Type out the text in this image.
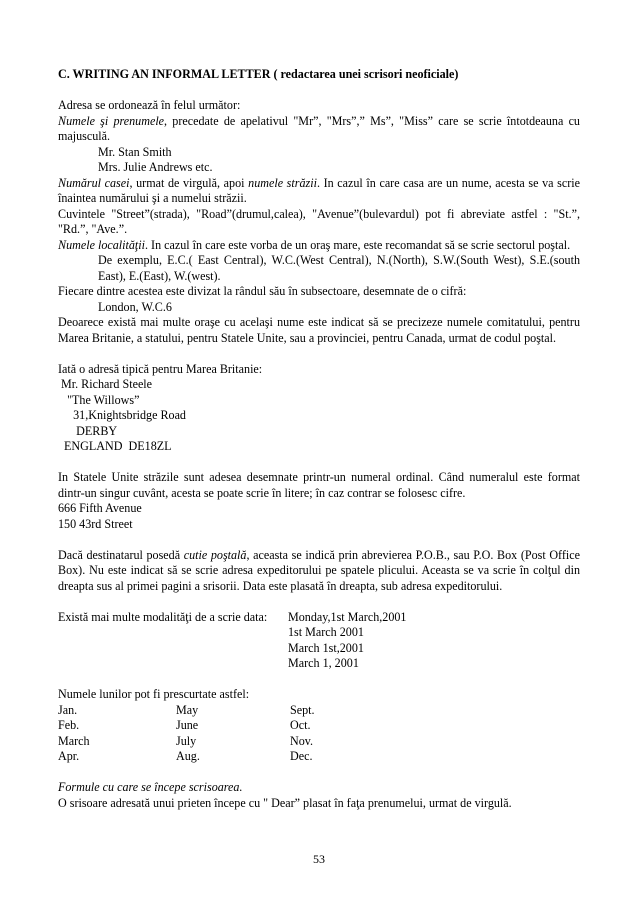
C. WRITING AN INFORMAL LETTER ( redactarea unei scrisori neoficiale)

Adresa se ordonează în felul următor:

Numele şi prenumele, precedate de apelativul "Mr”, "Mrs”,” Ms”, "Miss” care se scrie întotdeauna cu majusculă.

Mr. Stan Smith

Mrs. Julie Andrews etc.

Numărul casei, urmat de virgulă, apoi numele străzii. In cazul în care casa are un nume, acesta se va scrie înaintea numărului şi a numelui străzii.

Cuvintele "Street”(strada), "Road”(drumul,calea), "Avenue”(bulevardul) pot fi abreviate astfel : "St.”, "Rd.”, "Ave.”.

Numele localităţii. In cazul în care este vorba de un oraş mare, este recomandat să se scrie sectorul poştal.

De exemplu, E.C.( East Central), W.C.(West Central), N.(North), S.W.(South West), S.E.(south East), E.(East), W.(west).

Fiecare dintre acestea este divizat la rândul său în subsectoare, desemnate de o cifră:

London, W.C.6

Deoarece există mai multe oraşe cu acelaşi nume este indicat să se precizeze numele comitatului, pentru Marea Britanie, a statului, pentru Statele Unite, sau a provinciei, pentru Canada, urmat de codul poştal.

Iată o adresă tipică pentru Marea Britanie:

Mr. Richard Steele

"The Willows”

31,Knightsbridge Road

DERBY

ENGLAND  DE18ZL

In Statele Unite străzile sunt adesea desemnate printr-un numeral ordinal. Când numeralul este format dintr-un singur cuvânt, acesta se poate scrie în litere; în caz contrar se folosesc cifre.

666 Fifth Avenue

150 43rd Street

Dacă destinatarul posedă cutie poştală, aceasta se indică prin abrevierea P.O.B., sau P.O. Box (Post Office Box). Nu este indicat să se scrie adresa expeditorului pe spatele plicului. Aceasta se va scrie în colţul din dreapta sus al primei pagini a srisorii. Data este plasată în dreapta, sub adresa expeditorului.

Există mai multe modalităţi de a scrie data:	Monday,1st March,2001
1st March 2001
March 1st,2001
March 1, 2001

Numele lunilor pot fi prescurtate astfel:

Jan.	May	Sept.
Feb.	June	Oct.
March	July	Nov.
Apr.	Aug.	Dec.

Formule cu care se începe scrisoarea.

O srisoare adresată unui prieten începe cu " Dear” plasat în faţa prenumelui, urmat de virgulă.

53
